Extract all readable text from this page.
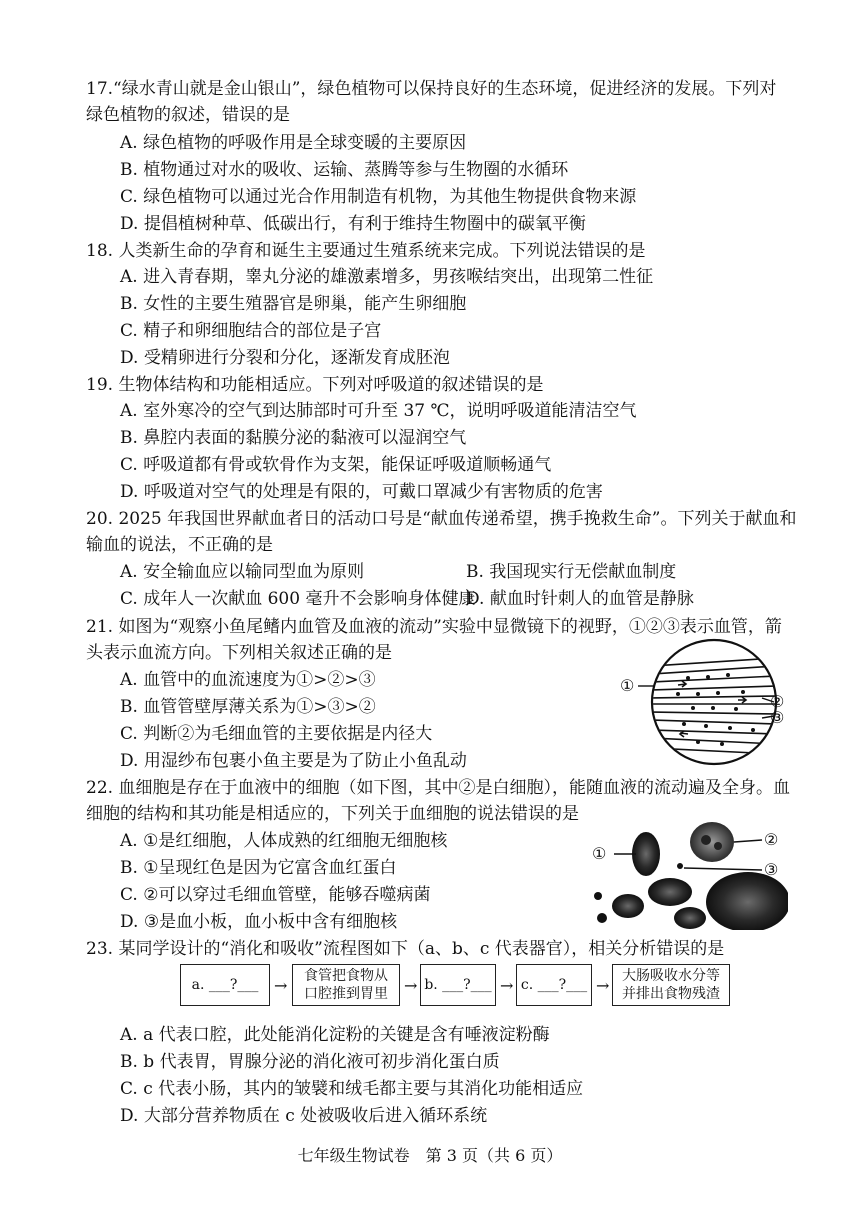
17.“绿水青山就是金山银山”，绿色植物可以保持良好的生态环境，促进经济的发展。下列对
绿色植物的叙述，错误的是
A. 绿色植物的呼吸作用是全球变暖的主要原因
B. 植物通过对水的吸收、运输、蒸腾等参与生物圈的水循环
C. 绿色植物可以通过光合作用制造有机物，为其他生物提供食物来源
D. 提倡植树种草、低碳出行，有利于维持生物圈中的碳氧平衡
18. 人类新生命的孕育和诞生主要通过生殖系统来完成。下列说法错误的是
A. 进入青春期，睾丸分泌的雄激素增多，男孩喉结突出，出现第二性征
B. 女性的主要生殖器官是卵巢，能产生卵细胞
C. 精子和卵细胞结合的部位是子宫
D. 受精卵进行分裂和分化，逐渐发育成胚泡
19. 生物体结构和功能相适应。下列对呼吸道的叙述错误的是
A. 室外寒冷的空气到达肺部时可升至 37 ℃，说明呼吸道能清洁空气
B. 鼻腔内表面的黏膜分泌的黏液可以湿润空气
C. 呼吸道都有骨或软骨作为支架，能保证呼吸道顺畅通气
D. 呼吸道对空气的处理是有限的，可戴口罩减少有害物质的危害
20. 2025 年我国世界献血者日的活动口号是“献血传递希望，携手挽救生命”。下列关于献血和
输血的说法，不正确的是
A. 安全输血应以输同型血为原则	B. 我国现实行无偿献血制度
C. 成年人一次献血 600 毫升不会影响身体健康
D. 献血时针刺人的血管是静脉
21. 如图为“观察小鱼尾鳍内血管及血液的流动”实验中显微镜下的视野，①②③表示血管，箭
头表示血流方向。下列相关叙述正确的是
A. 血管中的血流速度为①>②>③
B. 血管管壁厚薄关系为①>③>②
C. 判断②为毛细血管的主要依据是内径大
D. 用湿纱布包裹小鱼主要是为了防止小鱼乱动
①
②
③
22. 血细胞是存在于血液中的细胞（如下图，其中②是白细胞），能随血液的流动遍及全身。血
细胞的结构和其功能是相适应的，下列关于血细胞的说法错误的是
A. ①是红细胞，人体成熟的红细胞无细胞核
B. ①呈现红色是因为它富含血红蛋白
C. ②可以穿过毛细血管壁，能够吞噬病菌
D. ③是血小板，血小板中含有细胞核
①
②
③
23. 某同学设计的“消化和吸收”流程图如下（a、b、c 代表器官），相关分析错误的是
a. ___?___ →	食管把食物从口腔推到胃里	→ b. ___?___ → c. ___?___ → 大肠吸收水分等并排出食物残渣
A. a 代表口腔，此处能消化淀粉的关键是含有唾液淀粉酶
B. b 代表胃，胃腺分泌的消化液可初步消化蛋白质
C. c 代表小肠，其内的皱襞和绒毛都主要与其消化功能相适应
D. 大部分营养物质在 c 处被吸收后进入循环系统
七年级生物试卷　第 3 页（共 6 页）
